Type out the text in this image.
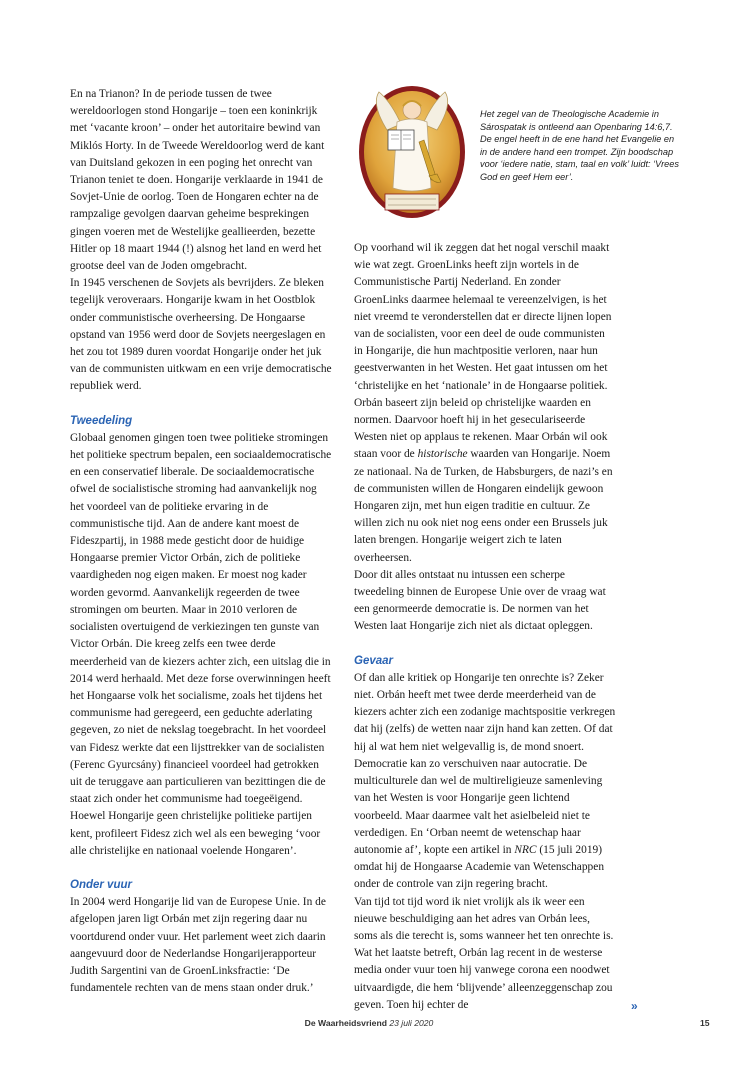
En na Trianon? In de periode tussen de twee wereldoorlogen stond Hongarije – toen een koninkrijk met ‘vacante kroon’ – onder het autoritaire bewind van Miklós Horty. In de Tweede Wereldoorlog werd de kant van Duitsland gekozen in een poging het onrecht van Trianon teniet te doen. Hongarije verklaarde in 1941 de Sovjet-Unie de oorlog. Toen de Hongaren echter na de rampzalige gevolgen daarvan geheime besprekingen gingen voeren met de Westelijke geallieerden, bezette Hitler op 18 maart 1944 (!) alsnog het land en werd het grootse deel van de Joden omgebracht.

In 1945 verschenen de Sovjets als bevrijders. Ze bleken tegelijk veroveraars. Hongarije kwam in het Oostblok onder communistische overheersing. De Hongaarse opstand van 1956 werd door de Sovjets neergeslagen en het zou tot 1989 duren voordat Hongarije onder het juk van de communisten uitkwam en een vrije democratische republiek werd.

Tweedeling

Globaal genomen gingen toen twee politieke stromingen het politieke spectrum bepalen, een sociaaldemocratische en een conservatief liberale. De sociaaldemocratische ofwel de socialistische stroming had aanvankelijk nog het voordeel van de politieke ervaring in de communistische tijd. Aan de andere kant moest de Fideszpartij, in 1988 mede gesticht door de huidige Hongaarse premier Victor Orbán, zich de politieke vaardigheden nog eigen maken. Er moest nog kader worden gevormd. Aanvankelijk regeerden de twee stromingen om beurten. Maar in 2010 verloren de socialisten overtuigend de verkiezingen ten gunste van Victor Orbán. Die kreeg zelfs een twee derde meerderheid van de kiezers achter zich, een uitslag die in 2014 werd herhaald. Met deze forse overwinningen heeft het Hongaarse volk het socialisme, zoals het tijdens het communisme had geregeerd, een geduchte aderlating gegeven, zo niet de nekslag toegebracht. In het voordeel van Fidesz werkte dat een lijsttrekker van de socialisten (Ferenc Gyurcsány) financieel voordeel had getrokken uit de teruggave aan particulieren van bezittingen die de staat zich onder het communisme had toegeëigend.

Hoewel Hongarije geen christelijke politieke partijen kent, profileert Fidesz zich wel als een beweging ‘voor alle christelijke en nationaal voelende Hongaren’.

Onder vuur

In 2004 werd Hongarije lid van de Europese Unie. In de afgelopen jaren ligt Orbán met zijn regering daar nu voortdurend onder vuur. Het parlement weet zich daarin aangevuurd door de Nederlandse Hongarijerapporteur Judith Sargentini van de GroenLinksfractie: ‘De fundamentele rechten van de mens staan onder druk.’

Het zegel van de Theologische Academie in Sárospatak is ontleend aan Openbaring 14:6,7. De engel heeft in de ene hand het Evangelie en in de andere hand een trompet. Zijn boodschap voor ‘iedere natie, stam, taal en volk’ luidt: ‘Vrees God en geef Hem eer’.

Op voorhand wil ik zeggen dat het nogal verschil maakt wie wat zegt. GroenLinks heeft zijn wortels in de Communistische Partij Nederland. En zonder GroenLinks daarmee helemaal te vereenzelvigen, is het niet vreemd te veronderstellen dat er directe lijnen lopen van de socialisten, voor een deel de oude communisten in Hongarije, die hun machtpositie verloren, naar hun geestverwanten in het Westen. Het gaat intussen om het ‘christelijke en het ‘nationale’ in de Hongaarse politiek. Orbán baseert zijn beleid op christelijke waarden en normen. Daarvoor hoeft hij in het geseculariseerde Westen niet op applaus te rekenen. Maar Orbán wil ook staan voor de historische waarden van Hongarije. Noem ze nationaal. Na de Turken, de Habsburgers, de nazi’s en de communisten willen de Hongaren eindelijk gewoon Hongaren zijn, met hun eigen traditie en cultuur. Ze willen zich nu ook niet nog eens onder een Brussels juk laten brengen. Hongarije weigert zich te laten overheersen.

Door dit alles ontstaat nu intussen een scherpe tweedeling binnen de Europese Unie over de vraag wat een genormeerde democratie is. De normen van het Westen laat Hongarije zich niet als dictaat opleggen.

Gevaar

Of dan alle kritiek op Hongarije ten onrechte is? Zeker niet. Orbán heeft met twee derde meerderheid van de kiezers achter zich een zodanige machtspositie verkregen dat hij (zelfs) de wetten naar zijn hand kan zetten. Of dat hij al wat hem niet welgevallig is, de mond snoert. Democratie kan zo verschuiven naar autocratie. De multiculturele dan wel de multireligieuze samenleving van het Westen is voor Hongarije geen lichtend voorbeeld. Maar daarmee valt het asielbeleid niet te verdedigen. En ‘Orban neemt de wetenschap haar autonomie af’, kopte een artikel in NRC (15 juli 2019) omdat hij de Hongaarse Academie van Wetenschappen onder de controle van zijn regering bracht.

Van tijd tot tijd word ik niet vrolijk als ik weer een nieuwe beschuldiging aan het adres van Orbán lees, soms als die terecht is, soms wanneer het ten onrechte is. Wat het laatste betreft, Orbán lag recent in de westerse media onder vuur toen hij vanwege corona een noodwet uitvaardigde, die hem ‘blijvende’ alleenzeggenschap zou geven. Toen hij echter de	»
De Waarheidsvriend 23 juli 2020	15
